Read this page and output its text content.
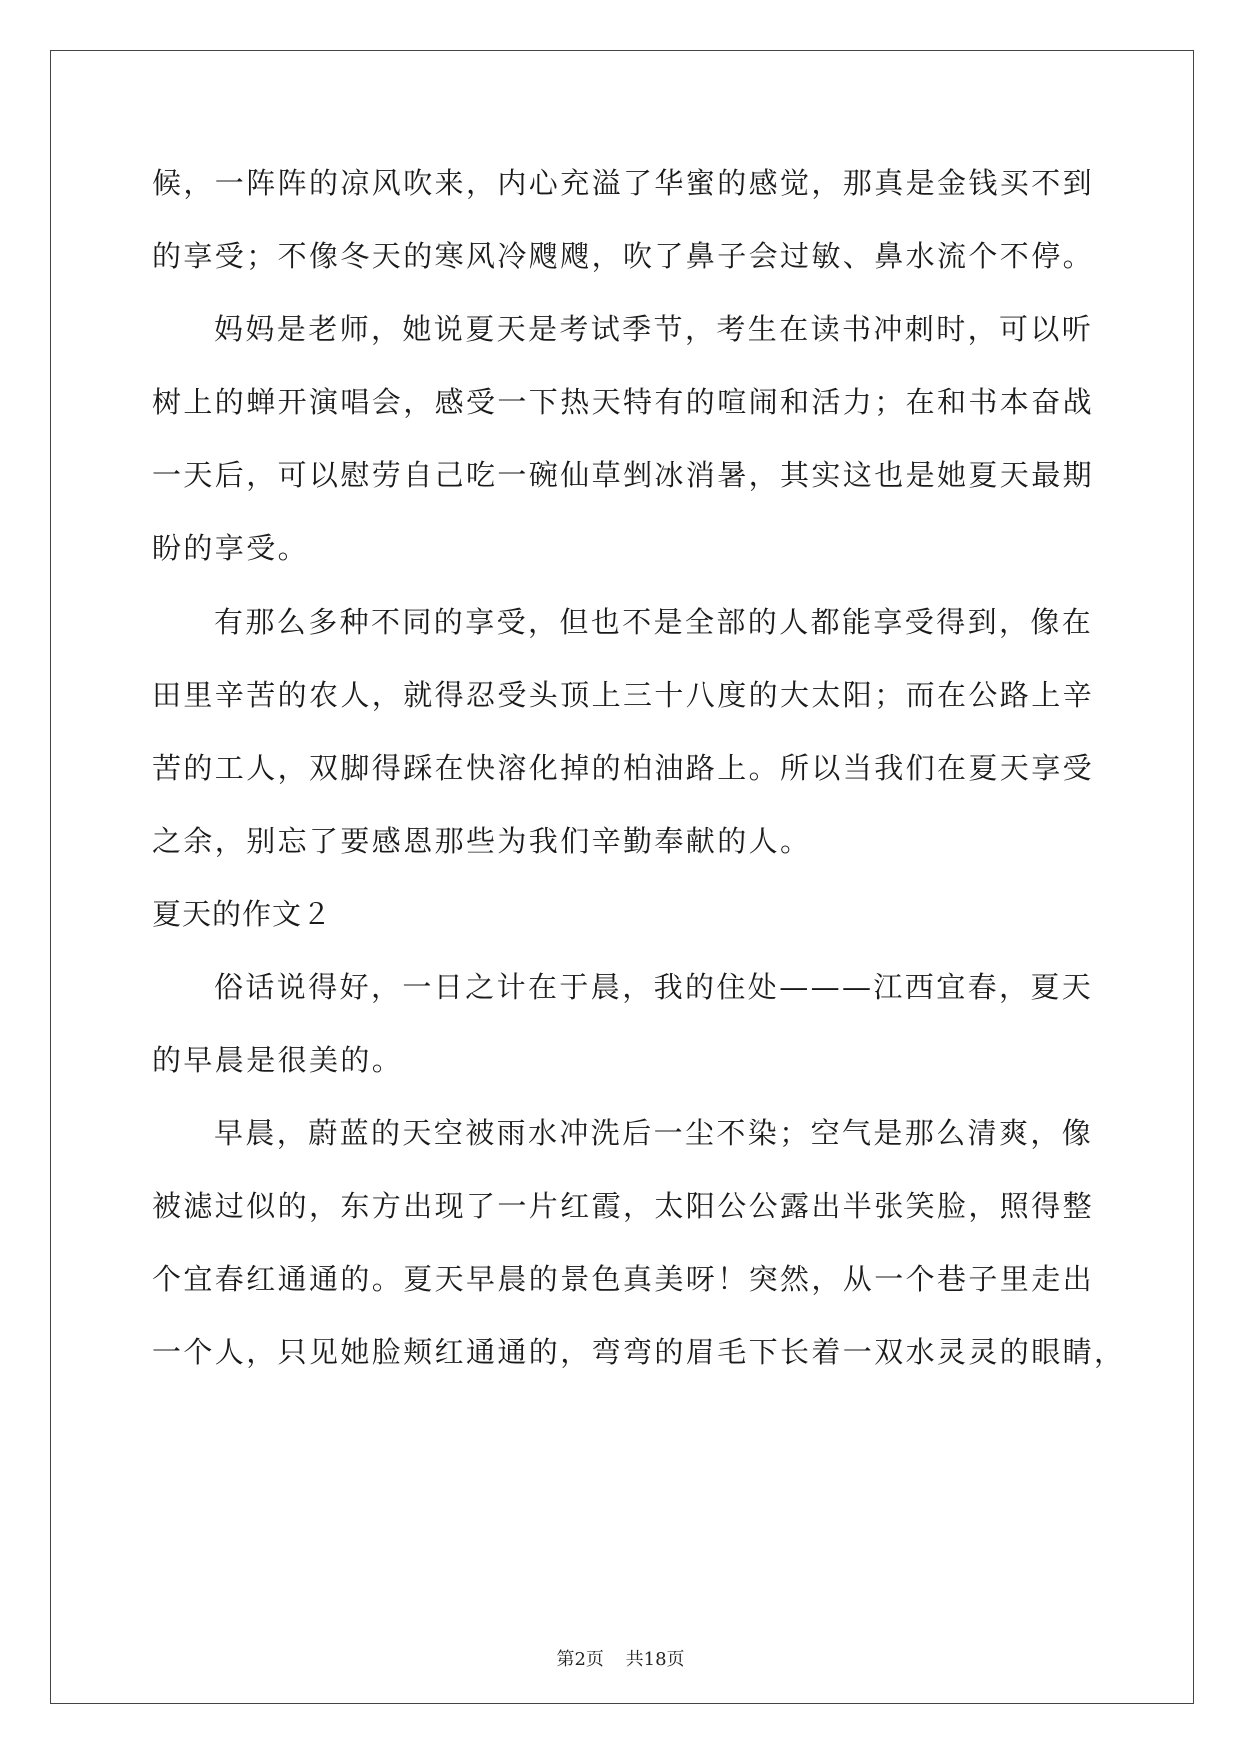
候，一阵阵的凉风吹来，内心充溢了华蜜的感觉，那真是金钱买不到
的享受；不像冬天的寒风冷飕飕，吹了鼻子会过敏、鼻水流个不停。
妈妈是老师，她说夏天是考试季节，考生在读书冲刺时，可以听
树上的蝉开演唱会，感受一下热天特有的喧闹和活力；在和书本奋战
一天后，可以慰劳自己吃一碗仙草剉冰消暑，其实这也是她夏天最期
盼的享受。
有那么多种不同的享受，但也不是全部的人都能享受得到，像在
田里辛苦的农人，就得忍受头顶上三十八度的大太阳；而在公路上辛
苦的工人，双脚得踩在快溶化掉的柏油路上。所以当我们在夏天享受
之余，别忘了要感恩那些为我们辛勤奉献的人。
夏天的作文２
俗话说得好，一日之计在于晨，我的住处———江西宜春，夏天
的早晨是很美的。
早晨，蔚蓝的天空被雨水冲洗后一尘不染；空气是那么清爽，像
被滤过似的，东方出现了一片红霞，太阳公公露出半张笑脸，照得整
个宜春红通通的。夏天早晨的景色真美呀！突然，从一个巷子里走出
一个人，只见她脸颊红通通的，弯弯的眉毛下长着一双水灵灵的眼睛，
第2页 共18页
